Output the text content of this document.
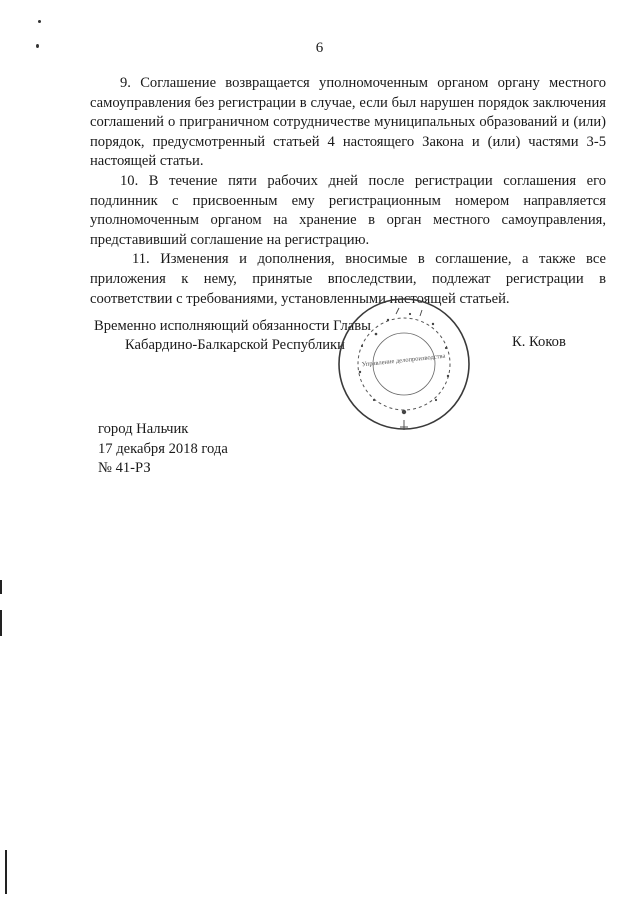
6

9. Соглашение возвращается уполномоченным органом органу местного самоуправления без регистрации в случае, если был нарушен порядок заключения соглашений о приграничном сотрудничестве муниципальных образований и (или) порядок, предусмотренный статьей 4 настоящего Закона и (или) частями 3-5 настоящей статьи.

10. В течение пяти рабочих дней после регистрации соглашения его подлинник с присвоенным ему регистрационным номером направляется уполномоченным органом на хранение в орган местного самоуправления, представивший соглашение на регистрацию.

11. Изменения и дополнения, вносимые в соглашение, а также все приложения к нему, принятые впоследствии, подлежат регистрации в соответствии с требованиями, установленными настоящей статьей.

Временно исполняющий обязанности Главы
Кабардино-Балкарской Республики	К. Коков
Управление делопроизводства
город Нальчик
17 декабря 2018 года
№ 41-РЗ
